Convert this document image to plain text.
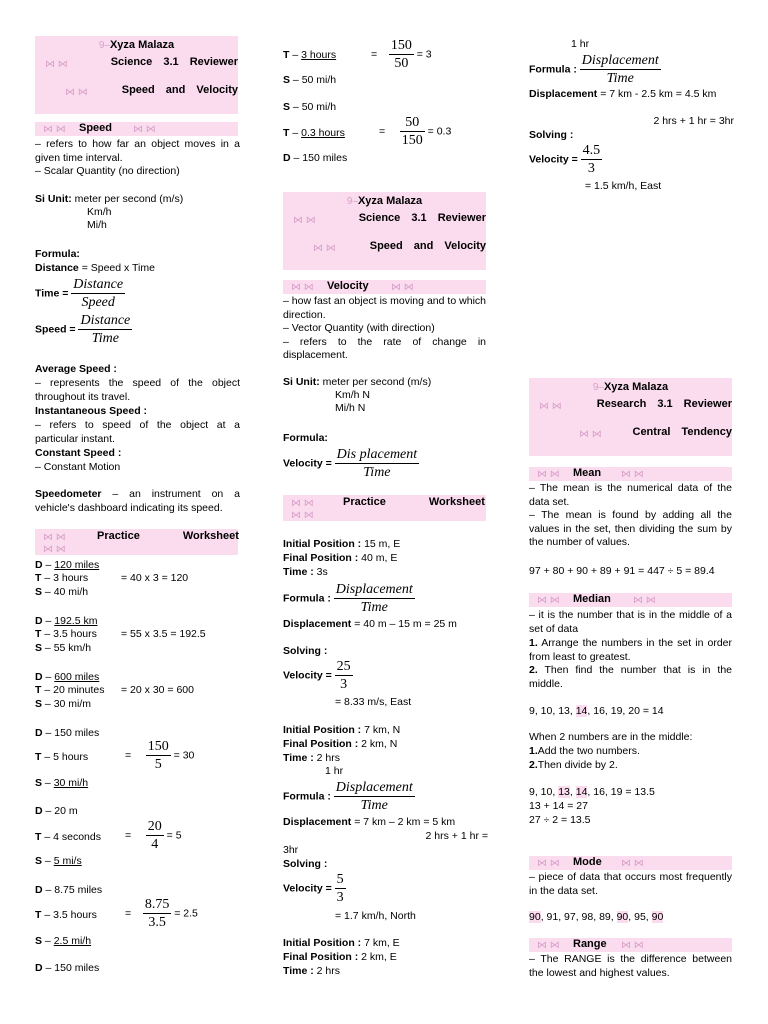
9–Xyza Malaza
⋈ ⋈	Science 3.1 Reviewer
⋈ ⋈	Speed and Velocity
⋈ ⋈ Speed ⋈ ⋈
– refers to how far an object moves in a given time interval.
– Scalar Quantity (no direction)
Si Unit: meter per second (m/s)
Km/h
Mi/h
Formula:
Distance = Speed x Time
Time = $\frac{\text{Distance}}{\text{Speed}}$
Speed = $\frac{\text{Distance}}{\text{Time}}$
Average Speed :
– represents the speed of the object throughout its travel.
Instantaneous Speed :
– refers to speed of the object at a particular instant.
Constant Speed :
– Constant Motion
Speedometer – an instrument on a vehicle's dashboard indicating its speed.
⋈ ⋈
⋈ ⋈
Practice Worksheet
D – 120 miles
T – 3 hours	= 40 x 3 = 120
S – 40 mi/h
D – 192.5 km
T – 3.5 hours = 55 x 3.5 = 192.5
S – 55 km/h
D – 600 miles
T – 20 minutes = 20 x 30 = 600
S – 30 mi/m
D – 150 miles
T – 5 hours	= $\frac{150}{5} = 30$
S – 30 mi/h
D – 20 m
T – 4 seconds = $\frac{20}{4} = 5$
S – 5 mi/s
D – 8.75 miles
T – 3.5 hours	= $\frac{8.75}{3.5} = 2.5$
S – 2.5 mi/h
D – 150 miles
T – 3 hours	= $\frac{150}{50} = 3$
S – 50 mi/h
S – 50 mi/h
T – 0.3 hours	= $\frac{50}{150} = 0.3$
D – 150 miles
9–Xyza Malaza
⋈ ⋈	Science 3.1 Reviewer
⋈ ⋈	Speed and Velocity
⋈ ⋈ Velocity ⋈ ⋈
– how fast an object is moving and to which direction.
– Vector Quantity (with direction)
– refers to the rate of change in displacement.
Si Unit: meter per second (m/s)
Km/h N
Mi/h N
Formula:
Velocity = $\frac{\text{Dis placement}}{\text{Time}}$
⋈ ⋈
⋈ ⋈
Practice Worksheet
Initial Position : 15 m, E
Final Position : 40 m, E
Time : 3s
Formula : $\frac{\text{Displacement}}{\text{Time}}$
Displacement = 40 m – 15 m = 25 m
Solving :
Velocity = $\frac{25}{3}$
= 8.33 m/s, East
Initial Position : 7 km, N
Final Position : 2 km, N
Time : 2 hrs
1 hr
Formula : $\frac{\text{Displacement}}{\text{Time}}$
Displacement = 7 km – 2 km = 5 km
2 hrs + 1 hr =
3hr
Solving :
Velocity = $\frac{5}{3}$
= 1.7 km/h, North
Initial Position : 7 km, E
Final Position : 2 km, E
Time : 2 hrs
1 hr
Formula : $\frac{\text{Displacement}}{\text{Time}}$
Displacement = 7 km - 2.5 km = 4.5 km
2 hrs + 1 hr = 3hr
Solving :
Velocity = $\frac{4.5}{3}$
= 1.5 km/h, East
9–Xyza Malaza
⋈ ⋈	Research 3.1 Reviewer
⋈ ⋈	Central Tendency
⋈ ⋈ Mean ⋈ ⋈
– The mean is the numerical data of the data set.
– The mean is found by adding all the values in the set, then dividing the sum by the number of values.
97 + 80 + 90 + 89 + 91 = 447 ÷ 5 = 89.4
⋈ ⋈ Median ⋈ ⋈
– it is the number that is in the middle of a set of data
1. Arrange the numbers in the set in order from least to greatest.
2. Then find the number that is in the middle.
9, 10, 13, 14, 16, 19, 20 = 14
When 2 numbers are in the middle:
1.Add the two numbers.
2.Then divide by 2.
9, 10, 13, 14, 16, 19 = 13.5
13 + 14 = 27
27 ÷ 2 = 13.5
⋈ ⋈ Mode ⋈ ⋈
– piece of data that occurs most frequently in the data set.
90, 91, 97, 98, 89, 90, 95, 90
⋈ ⋈ Range ⋈ ⋈
– The RANGE is the difference between the lowest and highest values.
